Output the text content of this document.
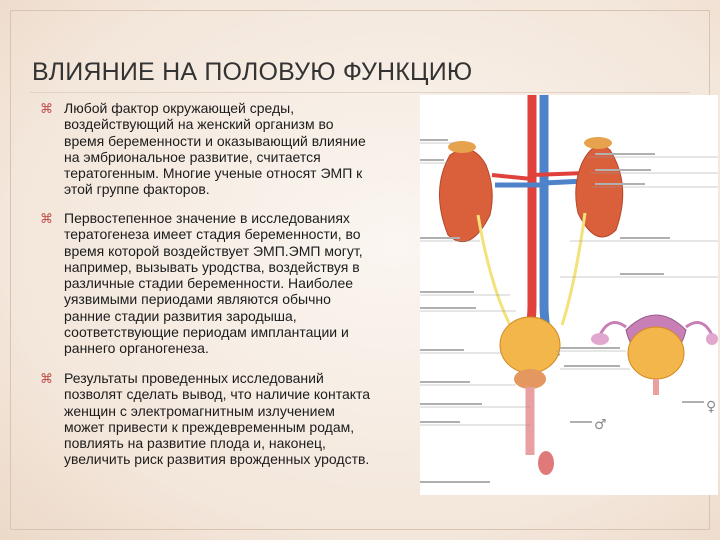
ВЛИЯНИЕ НА ПОЛОВУЮ ФУНКЦИЮ
⌘ Любой фактор окружающей среды,
воздействующий на женский организм во
время беременности и оказывающий влияние
на эмбриональное развитие, считается
тератогенным. Многие ученые относят ЭМП к
этой группе факторов.
⌘ Первостепенное значение в исследованиях
тератогенеза имеет стадия беременности, во
время которой воздействует ЭМП.ЭМП могут,
например, вызывать уродства, воздействуя в
различные стадии беременности. Наиболее
уязвимыми периодами являются обычно
ранние стадии развития зародыша,
соответствующие периодам имплантации и
раннего органогенеза.
⌘ Результаты проведенных исследований
позволят сделать вывод, что наличие контакта
женщин с электромагнитным излучением
может привести к преждевременным родам,
повлиять на развитие плода и, наконец,
увеличить риск развития врожденных уродств.
♀
♂
